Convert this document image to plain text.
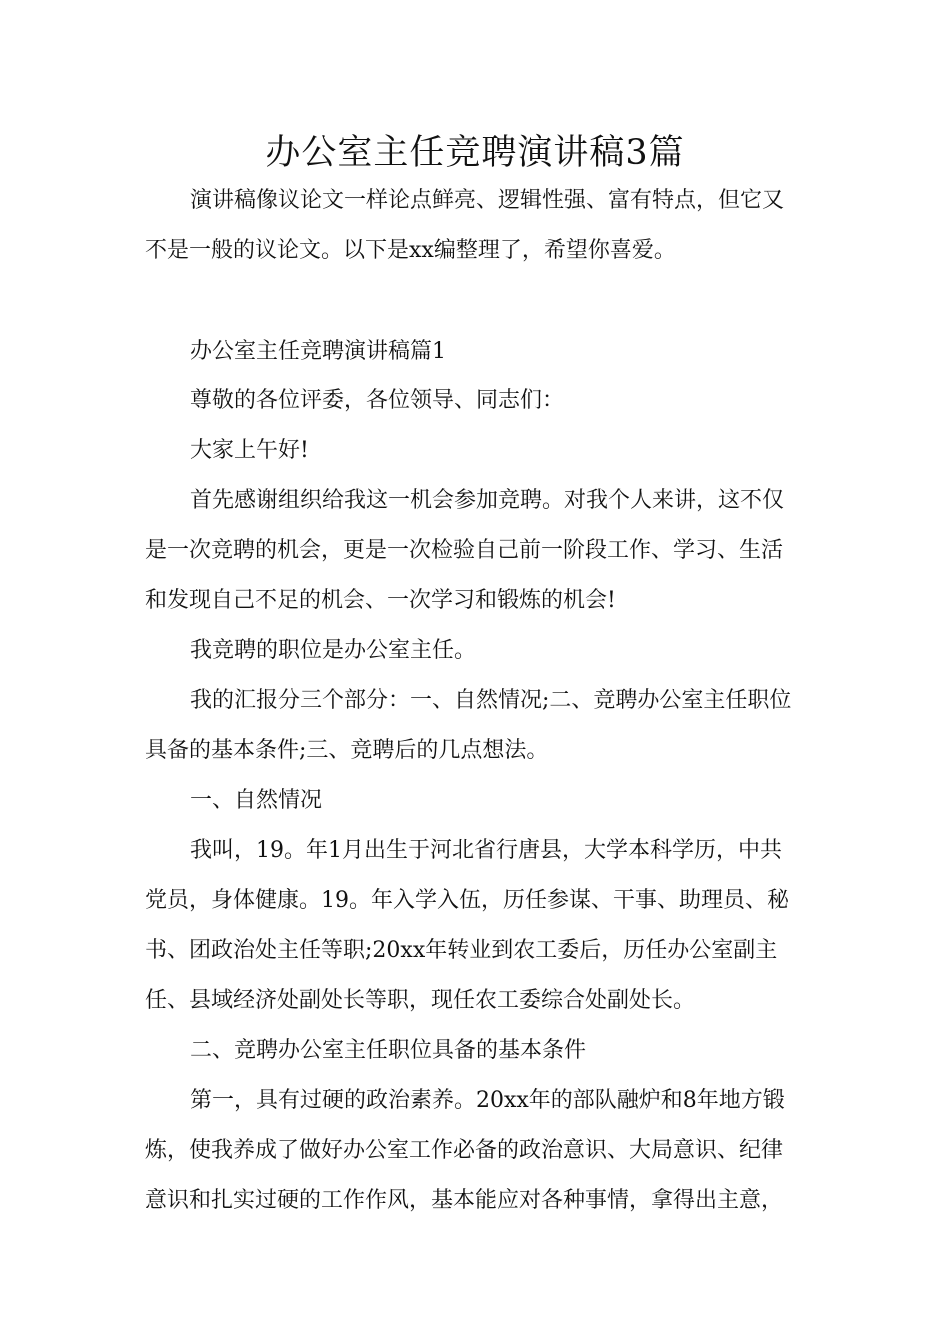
办公室主任竞聘演讲稿3篇
演讲稿像议论文一样论点鲜亮、逻辑性强、富有特点，但它又
不是一般的议论文。以下是xx编整理了，希望你喜爱。
办公室主任竞聘演讲稿篇1
尊敬的各位评委，各位领导、同志们：
大家上午好!
首先感谢组织给我这一机会参加竞聘。对我个人来讲，这不仅
是一次竞聘的机会，更是一次检验自己前一阶段工作、学习、生活
和发现自己不足的机会、一次学习和锻炼的机会!
我竞聘的职位是办公室主任。
我的汇报分三个部分：一、自然情况;二、竞聘办公室主任职位
具备的基本条件;三、竞聘后的几点想法。
一、自然情况
我叫，19。年1月出生于河北省行唐县，大学本科学历，中共
党员，身体健康。19。年入学入伍，历任参谋、干事、助理员、秘
书、团政治处主任等职;20xx年转业到农工委后，历任办公室副主
任、县域经济处副处长等职，现任农工委综合处副处长。
二、竞聘办公室主任职位具备的基本条件
第一，具有过硬的政治素养。20xx年的部队融炉和8年地方锻
炼，使我养成了做好办公室工作必备的政治意识、大局意识、纪律
意识和扎实过硬的工作作风，基本能应对各种事情，拿得出主意，
